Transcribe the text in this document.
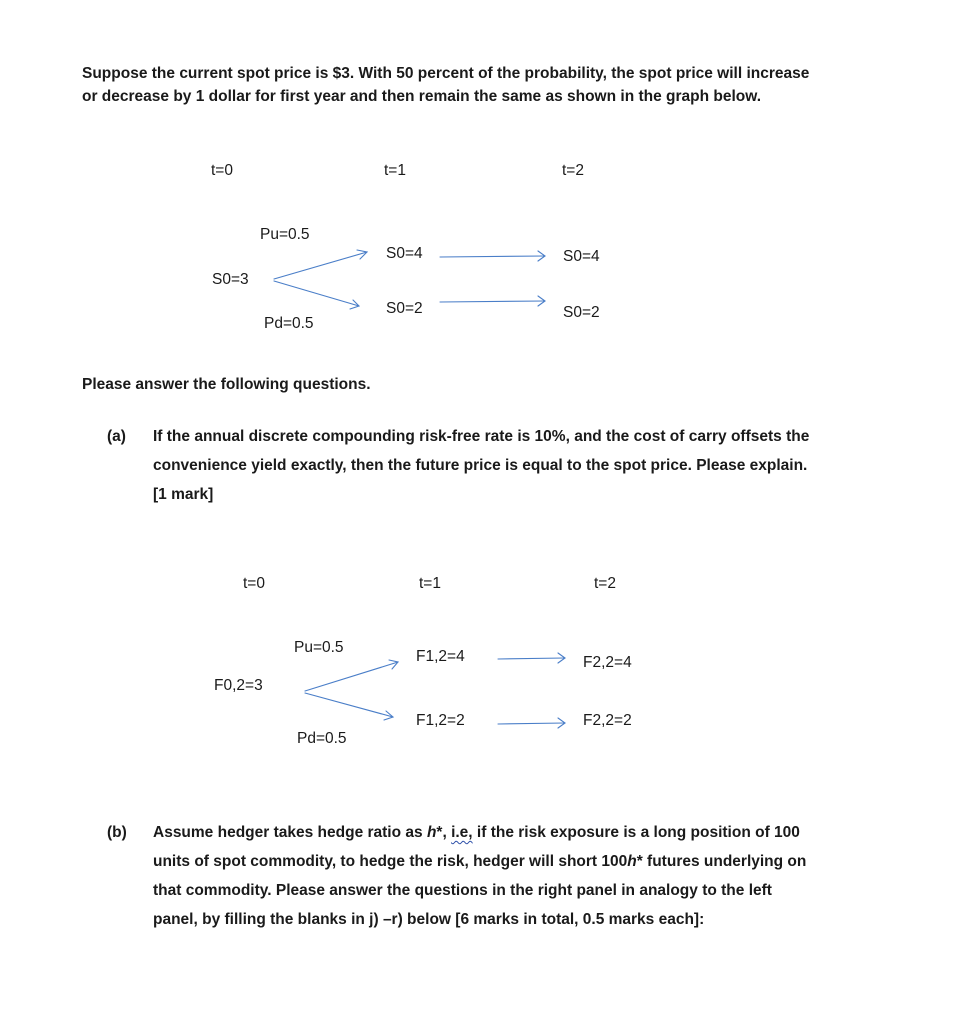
Suppose the current spot price is $3. With 50 percent of the probability, the spot price will increase
or decrease by 1 dollar for first year and then remain the same as shown in the graph below.
t=0	t=1	t=2
Pu=0.5
S0=3
S0=4	S0=4
S0=2	S0=2
Pd=0.5
Please answer the following questions.
(a) If the annual discrete compounding risk-free rate is 10%, and the cost of carry offsets the
convenience yield exactly, then the future price is equal to the spot price. Please explain.
[1 mark]
t=0	t=1	t=2
Pu=0.5
F0,2=3
F1,2=4	F2,2=4
F1,2=2	F2,2=2
Pd=0.5
(b) Assume hedger takes hedge ratio as h*, i.e, if the risk exposure is a long position of 100
units of spot commodity, to hedge the risk, hedger will short 100h* futures underlying on
that commodity. Please answer the questions in the right panel in analogy to the left
panel, by filling the blanks in j) –r) below [6 marks in total, 0.5 marks each]:
